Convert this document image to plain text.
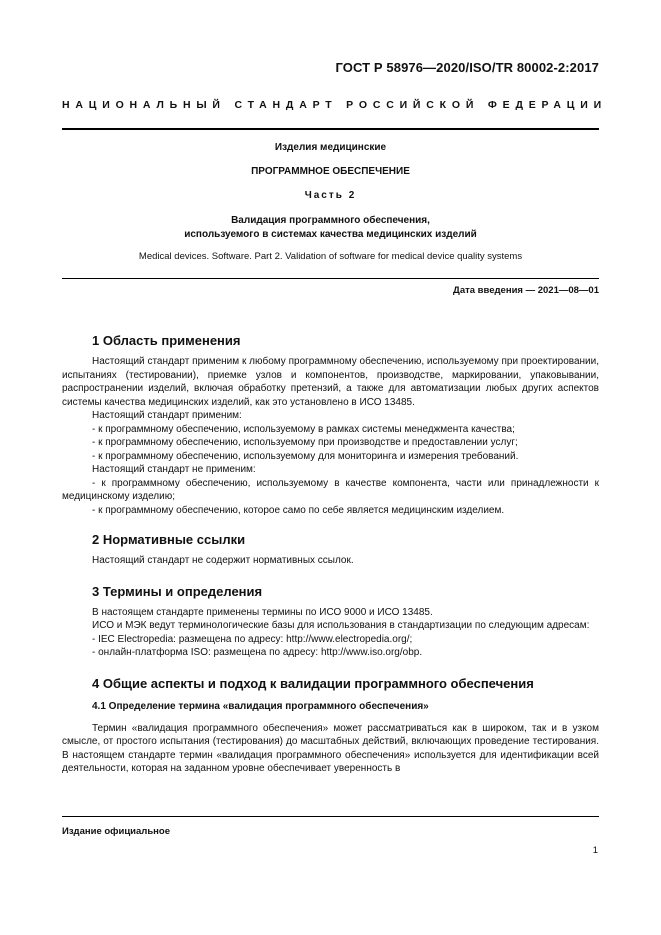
ГОСТ Р 58976—2020/ISO/TR 80002-2:2017
НАЦИОНАЛЬНЫЙ СТАНДАРТ РОССИЙСКОЙ ФЕДЕРАЦИИ
Изделия медицинские
ПРОГРАММНОЕ ОБЕСПЕЧЕНИЕ
Часть 2
Валидация программного обеспечения,
используемого в системах качества медицинских изделий
Medical devices. Software. Part 2. Validation of software for medical device quality systems
Дата введения — 2021—08—01
1 Область применения

Настоящий стандарт применим к любому программному обеспечению, используемому при проектировании, испытаниях (тестировании), приемке узлов и компонентов, производстве, маркировании, упаковывании, распространении изделий, включая обработку претензий, а также для автоматизации любых других аспектов системы качества медицинских изделий, как это установлено в ИСО 13485.

Настоящий стандарт применим:

- к программному обеспечению, используемому в рамках системы менеджмента качества;

- к программному обеспечению, используемому при производстве и предоставлении услуг;

- к программному обеспечению, используемому для мониторинга и измерения требований.

Настоящий стандарт не применим:

- к программному обеспечению, используемому в качестве компонента, части или принадлежности к медицинскому изделию;

- к программному обеспечению, которое само по себе является медицинским изделием.

2 Нормативные ссылки

Настоящий стандарт не содержит нормативных ссылок.

3 Термины и определения

В настоящем стандарте применены термины по ИСО 9000 и ИСО 13485.

ИСО и МЭК ведут терминологические базы для использования в стандартизации по следующим адресам:

- IEC Electropedia: размещена по адресу: http://www.electropedia.org/;

- онлайн-платформа ISO: размещена по адресу: http://www.iso.org/obp.

4 Общие аспекты и подход к валидации программного обеспечения
4.1 Определение термина «валидация программного обеспечения»

Термин «валидация программного обеспечения» может рассматриваться как в широком, так и в узком смысле, от простого испытания (тестирования) до масштабных действий, включающих проведение тестирования. В настоящем стандарте термин «валидация программного обеспечения» используется для идентификации всей деятельности, которая на заданном уровне обеспечивает уверенность в

Издание официальное
1
